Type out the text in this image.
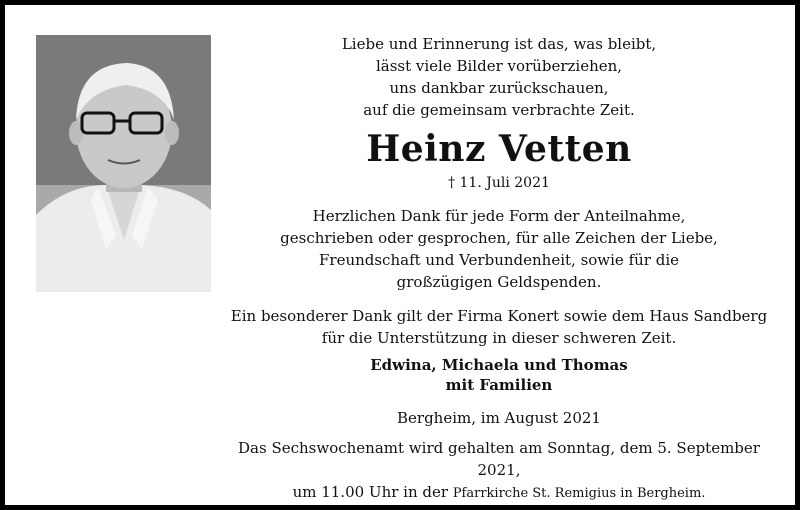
Liebe und Erinnerung ist das, was bleibt,
lässt viele Bilder vorüberziehen,
uns dankbar zurückschauen,
auf die gemeinsam verbrachte Zeit.

Heinz Vetten
† 11. Juli 2021

Herzlichen Dank für jede Form der Anteilnahme,
geschrieben oder gesprochen, für alle Zeichen der Liebe,
Freundschaft und Verbundenheit, sowie für die
großzügigen Geldspenden.

Ein besonderer Dank gilt der Firma Konert sowie dem Haus Sandberg
für die Unterstützung in dieser schweren Zeit.

Edwina, Michaela und Thomas
mit Familien

Bergheim, im August 2021

Das Sechswochenamt wird gehalten am Sonntag, dem 5. September 2021,
um 11.00 Uhr in der Pfarrkirche St. Remigius in Bergheim.
